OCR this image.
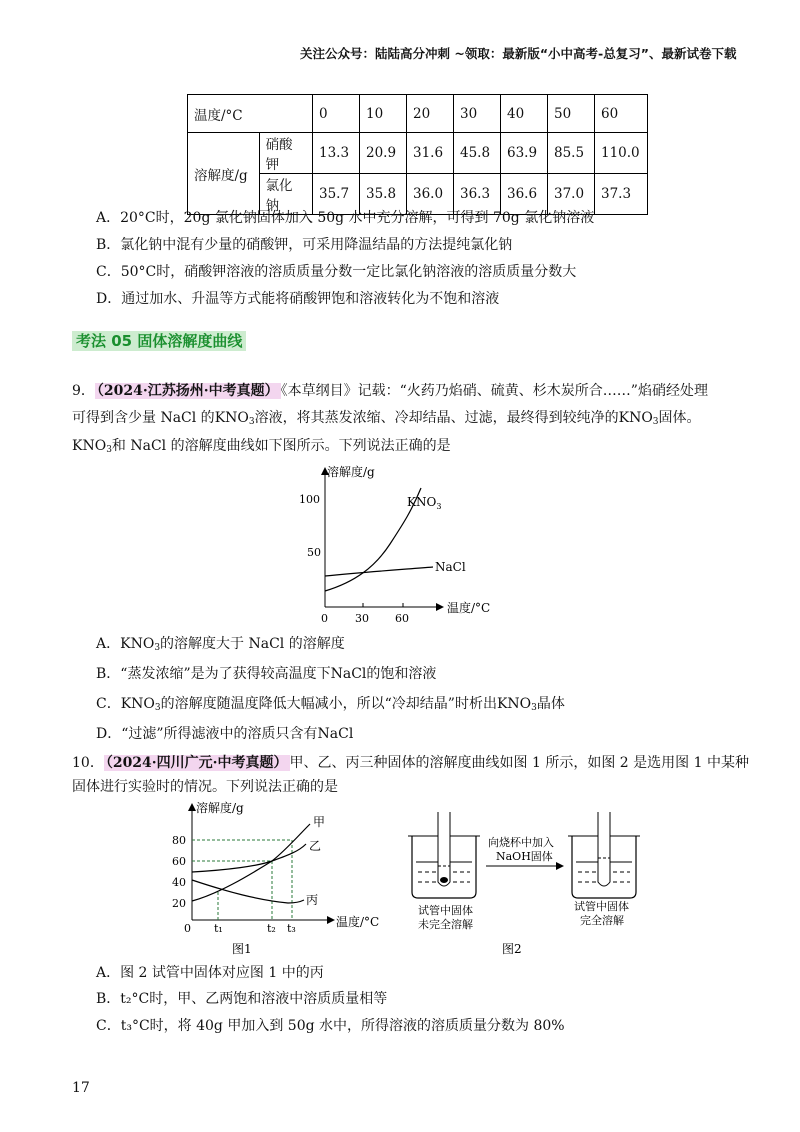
关注公众号：陆陆高分冲刺 ~领取：最新版“小中高考-总复习”、最新试卷下载
温度/°C		0	10	20	30	40	50	60
溶解度/g	硝酸钾	13.3	20.9	31.6	45.8	63.9	85.5	110.0
	氯化钠	35.7	35.8	36.0	36.3	36.6	37.0	37.3
A．20°C时，20g 氯化钠固体加入 50g 水中充分溶解，可得到 70g 氯化钠溶液
B．氯化钠中混有少量的硝酸钾，可采用降温结晶的方法提纯氯化钠
C．50°C时，硝酸钾溶液的溶质质量分数一定比氯化钠溶液的溶质质量分数大
D．通过加水、升温等方式能将硝酸钾饱和溶液转化为不饱和溶液
考法 05 固体溶解度曲线
9． （2024·江苏扬州·中考真题） 《本草纲目》记载：“火药乃焰硝、硫黄、杉木炭所合……”焰硝经处理
可得到含少量 NaCl 的$KNO_3$溶液，将其蒸发浓缩、冷却结晶、过滤，最终得到较纯净的$KNO_3$固体。
$KNO_3$和 NaCl 的溶解度曲线如下图所示。下列说法正确的是
溶解度/g
温度/°C
100
50
0 30 60
$KNO_3$
NaCl
A．$KNO_3$的溶解度大于 NaCl 的溶解度
B．“蒸发浓缩”是为了获得较高温度下NaCl的饱和溶液
C．$KNO_3$的溶解度随温度降低大幅减小，所以“冷却结晶”时析出$KNO_3$晶体
D．“过滤”所得滤液中的溶质只含有NaCl
10． （2024·四川广元·中考真题） 甲、乙、丙三种固体的溶解度曲线如图 1 所示，如图 2 是选用图 1 中某种
固体进行实验时的情况。下列说法正确的是
溶解度/g
温度/°C
80
60
40
20
0 t₁	t₂ t₃
甲
乙
丙
图1
试管中固体
未完全溶解
向烧杯中加入
NaOH固体
试管中固体
完全溶解
图2
A．图 2 试管中固体对应图 1 中的丙
B．t₂°C时，甲、乙两饱和溶液中溶质质量相等
C．t₃°C时，将 40g 甲加入到 50g 水中，所得溶液的溶质质量分数为 80%
17
